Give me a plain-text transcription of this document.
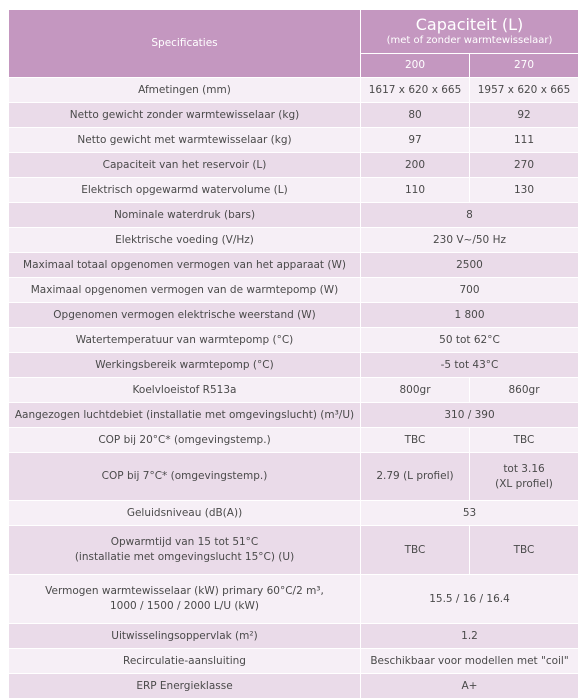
Specificaties	Capaciteit (L)
(met of zonder warmtewisselaar)	

	200	270
Afmetingen (mm)	1617 x 620 x 665	1957 x 620 x 665
Netto gewicht zonder warmtewisselaar (kg)	80	92
Netto gewicht met warmtewisselaar (kg)	97	111
Capaciteit van het reservoir (L)	200	270
Elektrisch opgewarmd watervolume (L)	110	130
Nominale waterdruk (bars)	8	
Elektrische voeding (V/Hz)	230 V~/50 Hz	
Maximaal totaal opgenomen vermogen van het apparaat (W)	2500	
Maximaal opgenomen vermogen van de warmtepomp (W)	700	
Opgenomen vermogen elektrische weerstand (W)	1 800	
Watertemperatuur van warmtepomp (°C)	50 tot 62°C	
Werkingsbereik warmtepomp (°C)	-5 tot 43°C	
Koelvloeistof R513a	800gr	860gr
Aangezogen luchtdebiet (installatie met omgevingslucht) (m³/U)	310 / 390	
COP bij 20°C* (omgevingstemp.)	TBC	TBC
COP bij 7°C* (omgevingstemp.)	2.79 (L profiel)	tot 3.16
(XL profiel)

Geluidsniveau (dB(A))	53	

Opwarmtijd van 15 tot 51°C
(installatie met omgevingslucht 15°C) (U)	TBC	TBC

Vermogen warmtewisselaar (kW) primary 60°C/2 m³,
1000 / 1500 / 2000 L/U (kW)	15.5 / 16 / 16.4	
Uitwisselingsoppervlak (m²)	1.2	
Recirculatie-aansluiting	Beschikbaar voor modellen met "coil"	
ERP Energieklasse	A+	
